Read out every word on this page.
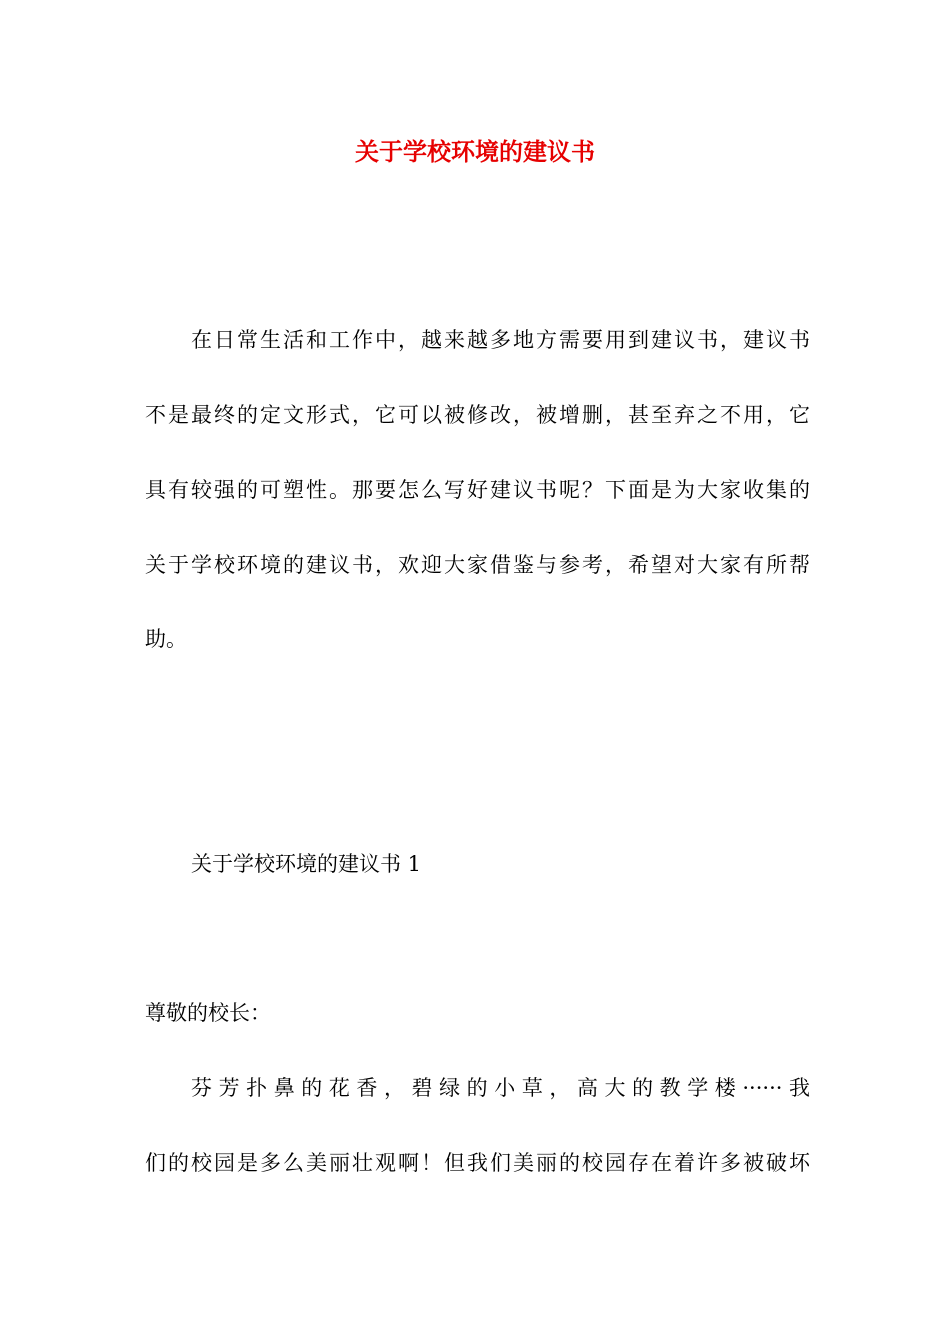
关于学校环境的建议书

在日常生活和工作中，越来越多地方需要用到建议书，建议书

不是最终的定文形式，它可以被修改，被增删，甚至弃之不用，它

具有较强的可塑性。那要怎么写好建议书呢？下面是为大家收集的

关于学校环境的建议书，欢迎大家借鉴与参考，希望对大家有所帮

助。

关于学校环境的建议书 1

尊敬的校长：

芬芳扑鼻的花香，碧绿的小草，高大的教学楼······我

们的校园是多么美丽壮观啊！但我们美丽的校园存在着许多被破坏
